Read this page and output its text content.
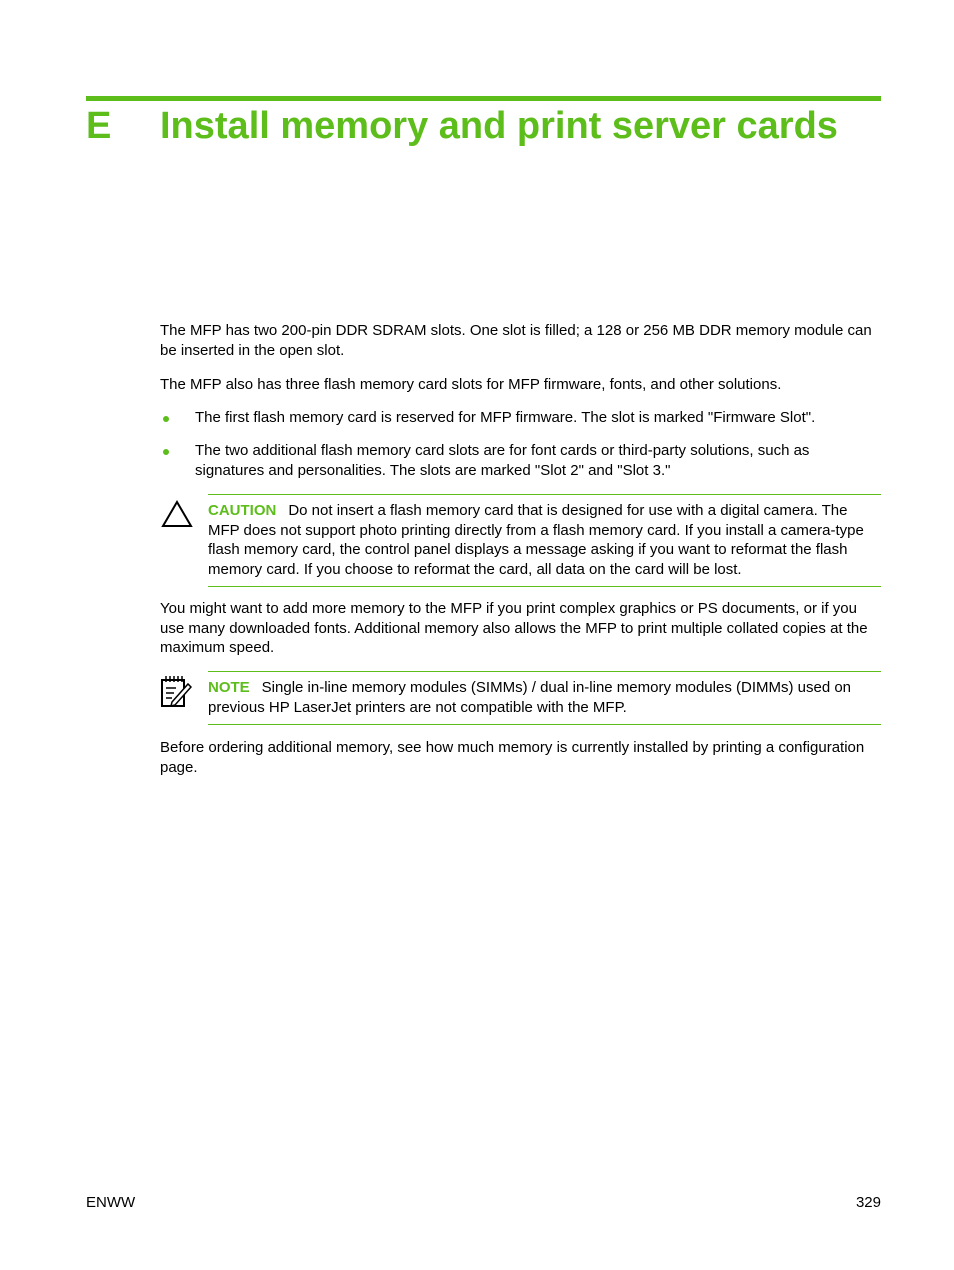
E Install memory and print server cards

The MFP has two 200-pin DDR SDRAM slots. One slot is filled; a 128 or 256 MB DDR memory module can be inserted in the open slot.

The MFP also has three flash memory card slots for MFP firmware, fonts, and other solutions.

The first flash memory card is reserved for MFP firmware. The slot is marked "Firmware Slot".
The two additional flash memory card slots are for font cards or third-party solutions, such as signatures and personalities. The slots are marked "Slot 2" and "Slot 3."
CAUTION Do not insert a flash memory card that is designed for use with a digital camera. The MFP does not support photo printing directly from a flash memory card. If you install a camera-type flash memory card, the control panel displays a message asking if you want to reformat the flash memory card. If you choose to reformat the card, all data on the card will be lost.

You might want to add more memory to the MFP if you print complex graphics or PS documents, or if you use many downloaded fonts. Additional memory also allows the MFP to print multiple collated copies at the maximum speed.

NOTE Single in-line memory modules (SIMMs) / dual in-line memory modules (DIMMs) used on previous HP LaserJet printers are not compatible with the MFP.

Before ordering additional memory, see how much memory is currently installed by printing a configuration page.

ENWW	329
